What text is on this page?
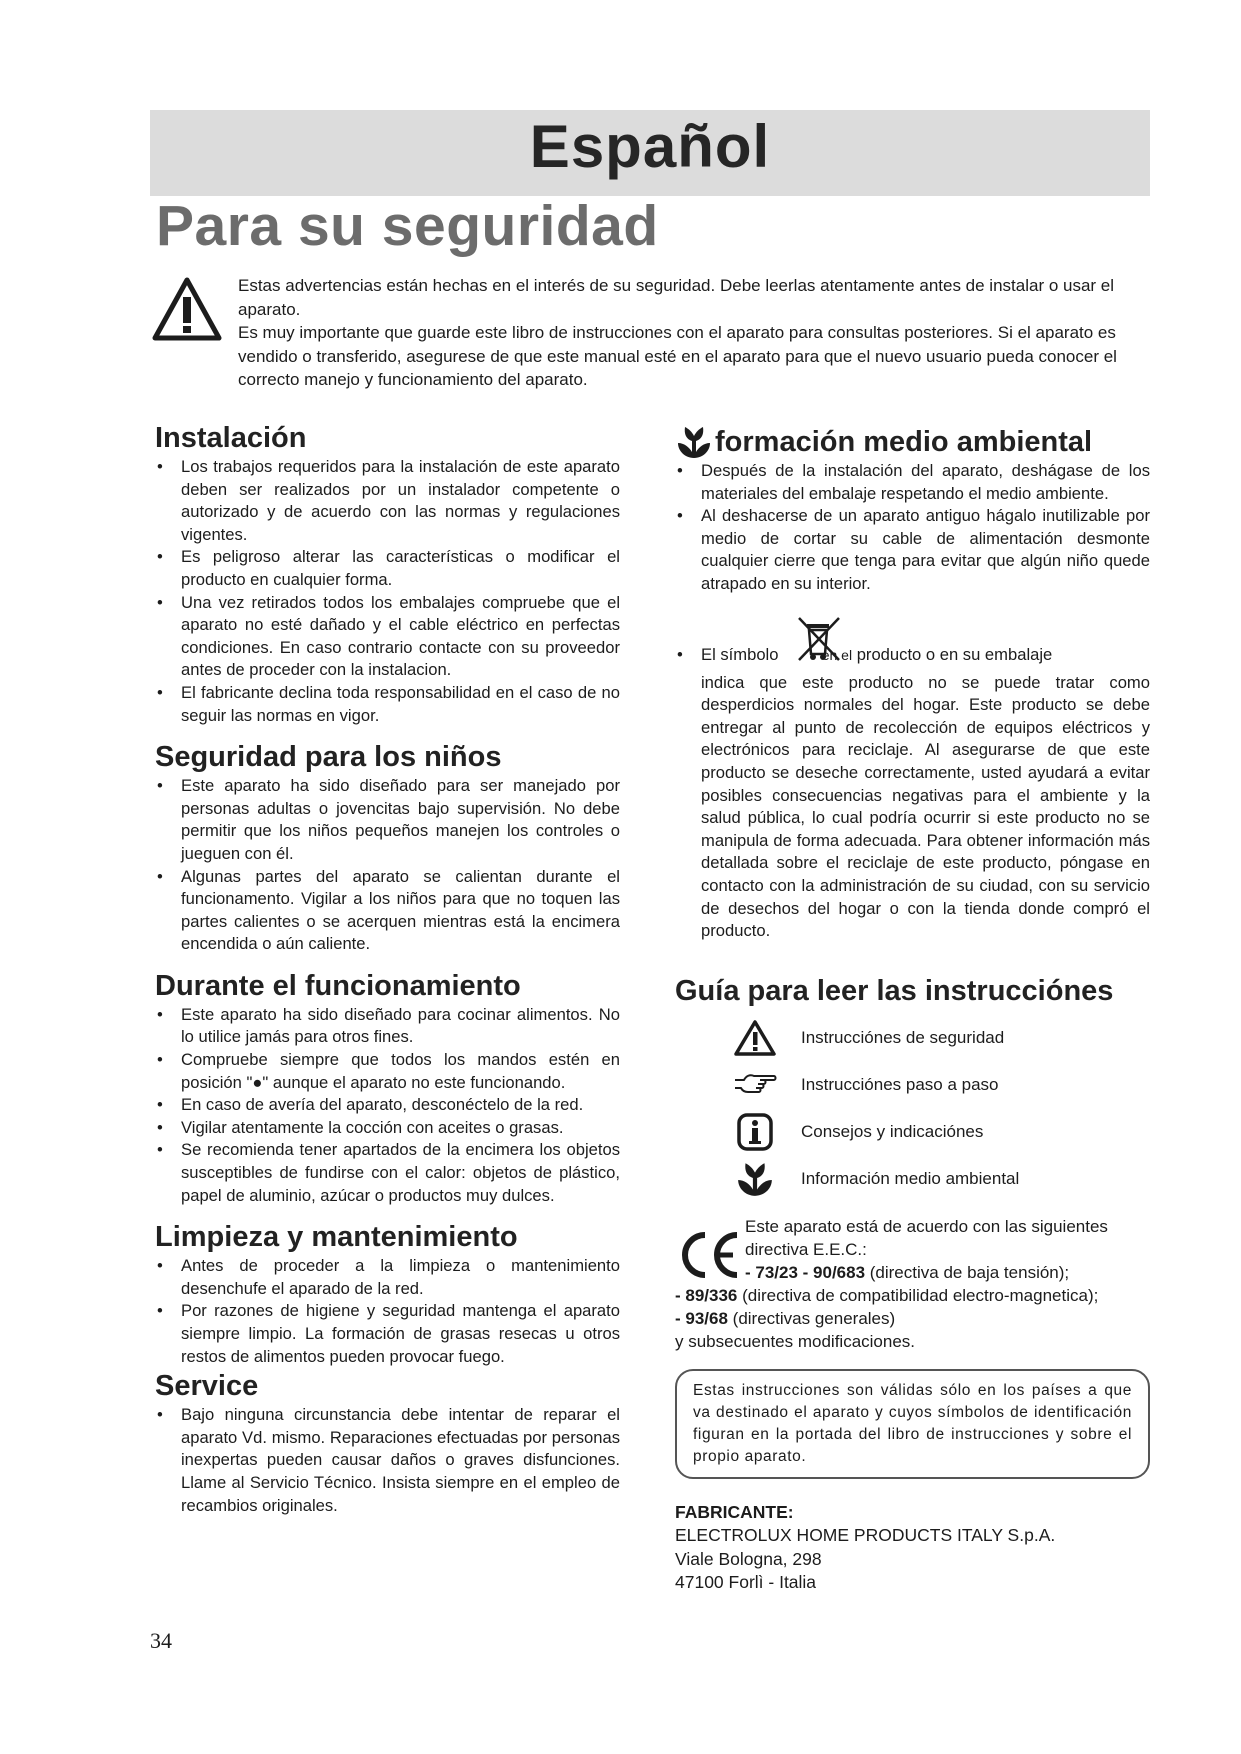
Español
Para su seguridad

Estas advertencias están hechas en el interés de su seguridad. Debe leerlas atentamente antes de instalar o usar el aparato.

Es muy importante que guarde este libro de instrucciones con el aparato para consultas posteriores. Si el aparato es vendido o transferido, asegurese de que este manual esté en el aparato para que el nuevo usuario pueda conocer el correcto manejo y funcionamiento del aparato.

Instalación
• Los trabajos requeridos para la instalación de este aparato deben ser realizados por un instalador competente o autorizado y de acuerdo con las normas y regulaciones vigentes.
• Es peligroso alterar las características o modificar el producto en cualquier forma.
• Una vez retirados todos los embalajes compruebe que el aparato no esté dañado y el cable eléctrico en perfectas condiciones. En caso contrario contacte con su proveedor antes de proceder con la instalacion.
• El fabricante declina toda responsabilidad en el caso de no seguir las normas en vigor.
Seguridad para los niños
• Este aparato ha sido diseñado para ser manejado por personas adultas o jovencitas bajo supervisión. No debe permitir que los niños pequeños manejen los controles o jueguen con él.
• Algunas partes del aparato se calientan durante el funcionamento. Vigilar a los niños para que no toquen las partes calientes o se acerquen mientras está la encimera encendida o aún caliente.
Durante el funcionamiento
• Este aparato ha sido diseñado para cocinar alimentos. No lo utilice jamás para otros fines.
• Compruebe siempre que todos los mandos estén en posición "●" aunque el aparato no este funcionando.
• En caso de avería del aparato, desconéctelo de la red.
• Vigilar atentamente la cocción con aceites o grasas.
• Se recomienda tener apartados de la encimera los objetos susceptibles de fundirse con el calor: objetos de plástico, papel de aluminio, azúcar o productos muy dulces.
Limpieza y mantenimiento
• Antes de proceder a la limpieza o mantenimiento desenchufe el aparado de la red.
• Por razones de higiene y seguridad mantenga el aparato siempre limpio. La formación de grasas resecas u otros restos de alimentos pueden provocar fuego.
Service
• Bajo ninguna circunstancia debe intentar de reparar el aparato Vd. mismo. Reparaciones efectuadas por personas inexpertas pueden causar daños o graves disfunciones. Llame al Servicio Técnico. Insista siempre en el empleo de recambios originales.
formación medio ambiental
• Después de la instalación del aparato, deshágase de los materiales del embalaje respetando el medio ambiente.
• Al deshacerse de un aparato antiguo hágalo inutilizable por medio de cortar su cable de alimentación desmonte cualquier cierre que tenga para evitar que algún niño quede atrapado en su interior.
• El símbolo	en el producto o en su embalaje
indica que este producto no se puede tratar como desperdicios normales del hogar. Este producto se debe entregar al punto de recolección de equipos eléctricos y electrónicos para reciclaje. Al asegurarse de que este producto se deseche correctamente, usted ayudará a evitar posibles consecuencias negativas para el ambiente y la salud pública, lo cual podría ocurrir si este producto no se manipula de forma adecuada. Para obtener información más detallada sobre el reciclaje de este producto, póngase en contacto con la administración de su ciudad, con su servicio de desechos del hogar o con la tienda donde compró el producto.
Guía para leer las instrucciónes
Instrucciónes de seguridad
Instrucciónes paso a paso
Consejos y indicaciónes
Información medio ambiental

Este aparato está de acuerdo con las siguientes

directiva E.E.C.:

- 73/23 - 90/683 (directiva de baja tensión);

- 89/336 (directiva de compatibilidad electro-magnetica);

- 93/68 (directivas generales)

y subsecuentes modificaciones.

Estas instrucciones son válidas sólo en los países a que va destinado el aparato y cuyos símbolos de identificación figuran en la portada del libro de instrucciones y sobre el propio aparato.

FABRICANTE:

ELECTROLUX HOME PRODUCTS ITALY S.p.A.

Viale Bologna, 298

47100 Forlì - Italia

34
